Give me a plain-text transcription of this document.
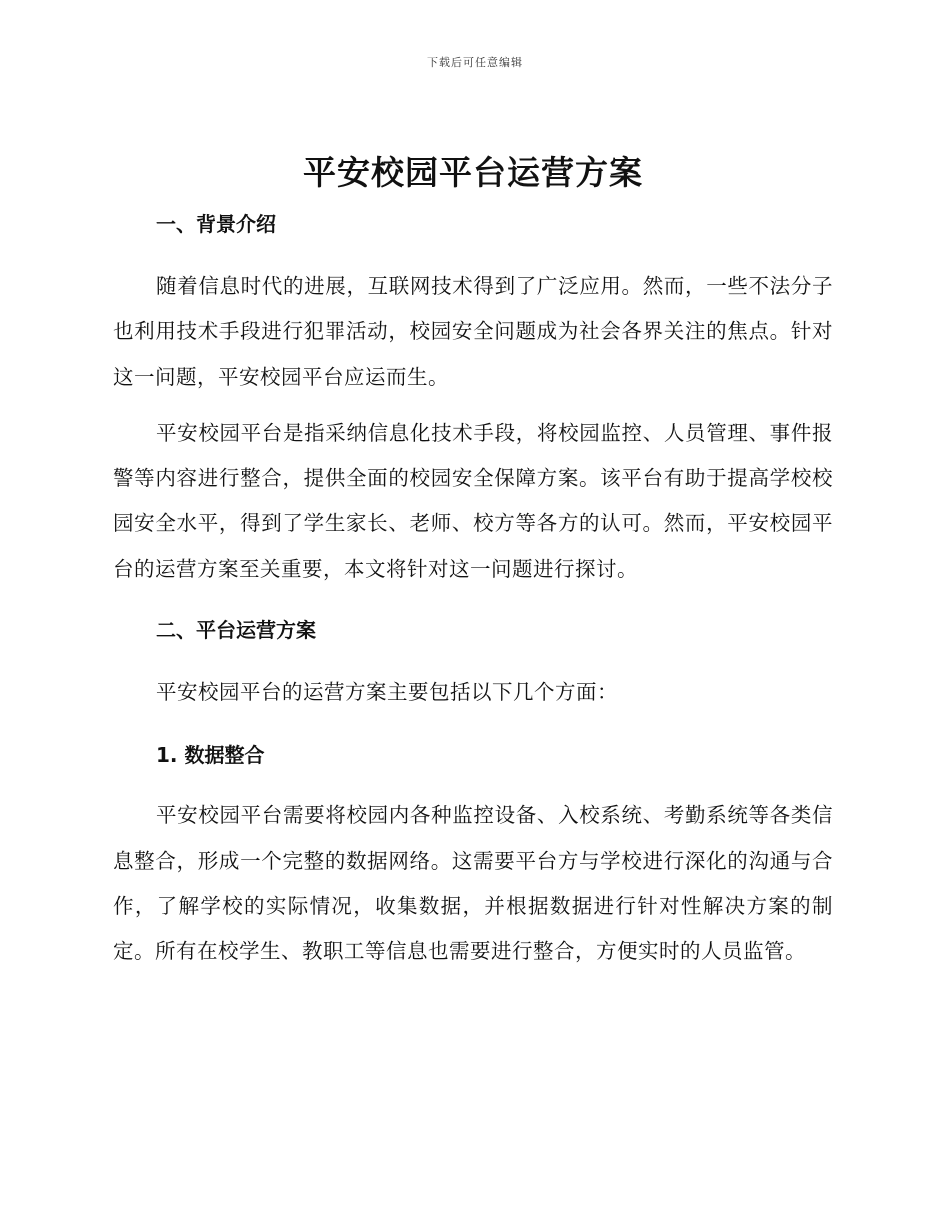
下载后可任意编辑
平安校园平台运营方案
一、背景介绍

随着信息时代的进展，互联网技术得到了广泛应用。然而，一些不法分子也利用技术手段进行犯罪活动，校园安全问题成为社会各界关注的焦点。针对这一问题，平安校园平台应运而生。

平安校园平台是指采纳信息化技术手段，将校园监控、人员管理、事件报警等内容进行整合，提供全面的校园安全保障方案。该平台有助于提高学校校园安全水平，得到了学生家长、老师、校方等各方的认可。然而，平安校园平台的运营方案至关重要，本文将针对这一问题进行探讨。

二、平台运营方案

平安校园平台的运营方案主要包括以下几个方面：

1. 数据整合

平安校园平台需要将校园内各种监控设备、入校系统、考勤系统等各类信息整合，形成一个完整的数据网络。这需要平台方与学校进行深化的沟通与合作，了解学校的实际情况，收集数据，并根据数据进行针对性解决方案的制定。所有在校学生、教职工等信息也需要进行整合，方便实时的人员监管。
